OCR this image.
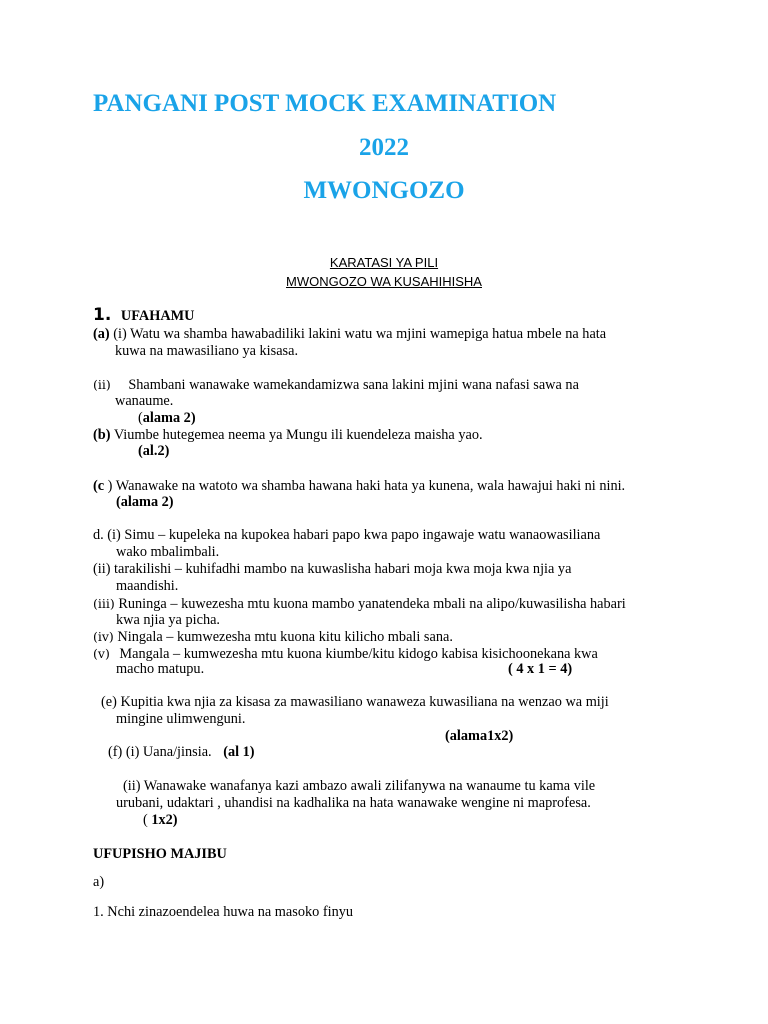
PANGANI POST MOCK EXAMINATION
2022
MWONGOZO
KARATASI YA PILI
MWONGOZO WA KUSAHIHISHA
1. UFAHAMU
(a) (i) Watu wa shamba hawabadiliki lakini watu wa mjini wamepiga hatua mbele na hata
kuwa na mawasiliano ya kisasa.
(ii) Shambani wanawake wamekandamizwa sana lakini mjini wana nafasi sawa na
wanaume.
(alama 2)
(b) Viumbe hutegemea neema ya Mungu ili kuendeleza maisha yao.
(al.2)
(c ) Wanawake na watoto wa shamba hawana haki hata ya kunena, wala hawajui haki ni nini.
(alama 2)
d. (i) Simu – kupeleka na kupokea habari papo kwa papo ingawaje watu wanaowasiliana
wako mbalimbali.
(ii) tarakilishi – kuhifadhi mambo na kuwaslisha habari moja kwa moja kwa njia ya
maandishi.
(iii) Runinga – kuwezesha mtu kuona mambo yanatendeka mbali na alipo/kuwasilisha habari
kwa njia ya picha.
(iv) Ningala – kumwezesha mtu kuona kitu kilicho mbali sana.
(v) Mangala – kumwezesha mtu kuona kiumbe/kitu kidogo kabisa kisichoonekana kwa
macho matupu.	( 4 x 1 = 4)
(e) Kupitia kwa njia za kisasa za mawasiliano wanaweza kuwasiliana na wenzao wa miji
mingine ulimwenguni.
(alama1x2)
(f) (i) Uana/jinsia. (al 1)
(ii) Wanawake wanafanya kazi ambazo awali zilifanywa na wanaume tu kama vile
urubani, udaktari , uhandisi na kadhalika na hata wanawake wengine ni maprofesa.
( 1x2)
UFUPISHO MAJIBU
a)
1. Nchi zinazoendelea huwa na masoko finyu
